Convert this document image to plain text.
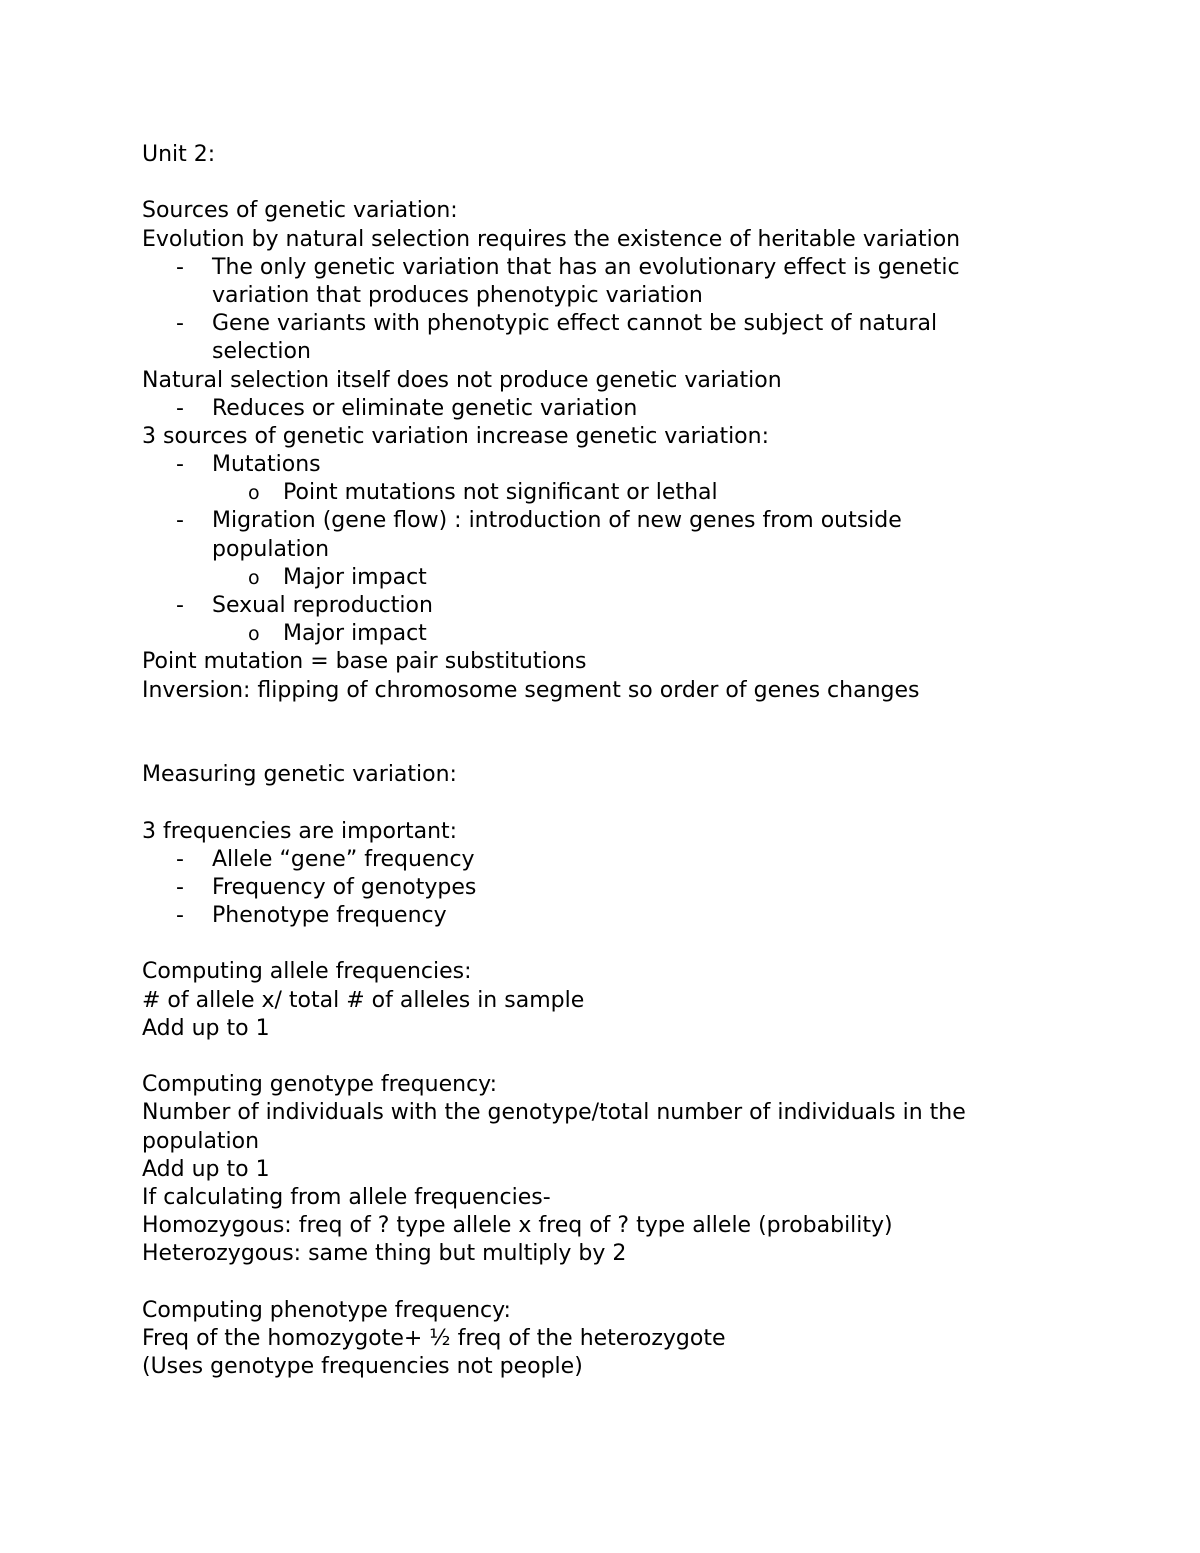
Unit 2:
Sources of genetic variation:
Evolution by natural selection requires the existence of heritable variation
- The only genetic variation that has an evolutionary effect is genetic
variation that produces phenotypic variation
- Gene variants with phenotypic effect cannot be subject of natural
selection
Natural selection itself does not produce genetic variation
- Reduces or eliminate genetic variation
3 sources of genetic variation increase genetic variation:
- Mutations
o Point mutations not significant or lethal
- Migration (gene flow) : introduction of new genes from outside
population
o Major impact
- Sexual reproduction
o Major impact
Point mutation = base pair substitutions
Inversion: flipping of chromosome segment so order of genes changes
Measuring genetic variation:
3 frequencies are important:
- Allele “gene” frequency
- Frequency of genotypes
- Phenotype frequency
Computing allele frequencies:
# of allele x/ total # of alleles in sample
Add up to 1
Computing genotype frequency:
Number of individuals with the genotype/total number of individuals in the
population
Add up to 1
If calculating from allele frequencies-
Homozygous: freq of ? type allele x freq of ? type allele (probability)
Heterozygous: same thing but multiply by 2
Computing phenotype frequency:
Freq of the homozygote+ ½ freq of the heterozygote
(Uses genotype frequencies not people)
